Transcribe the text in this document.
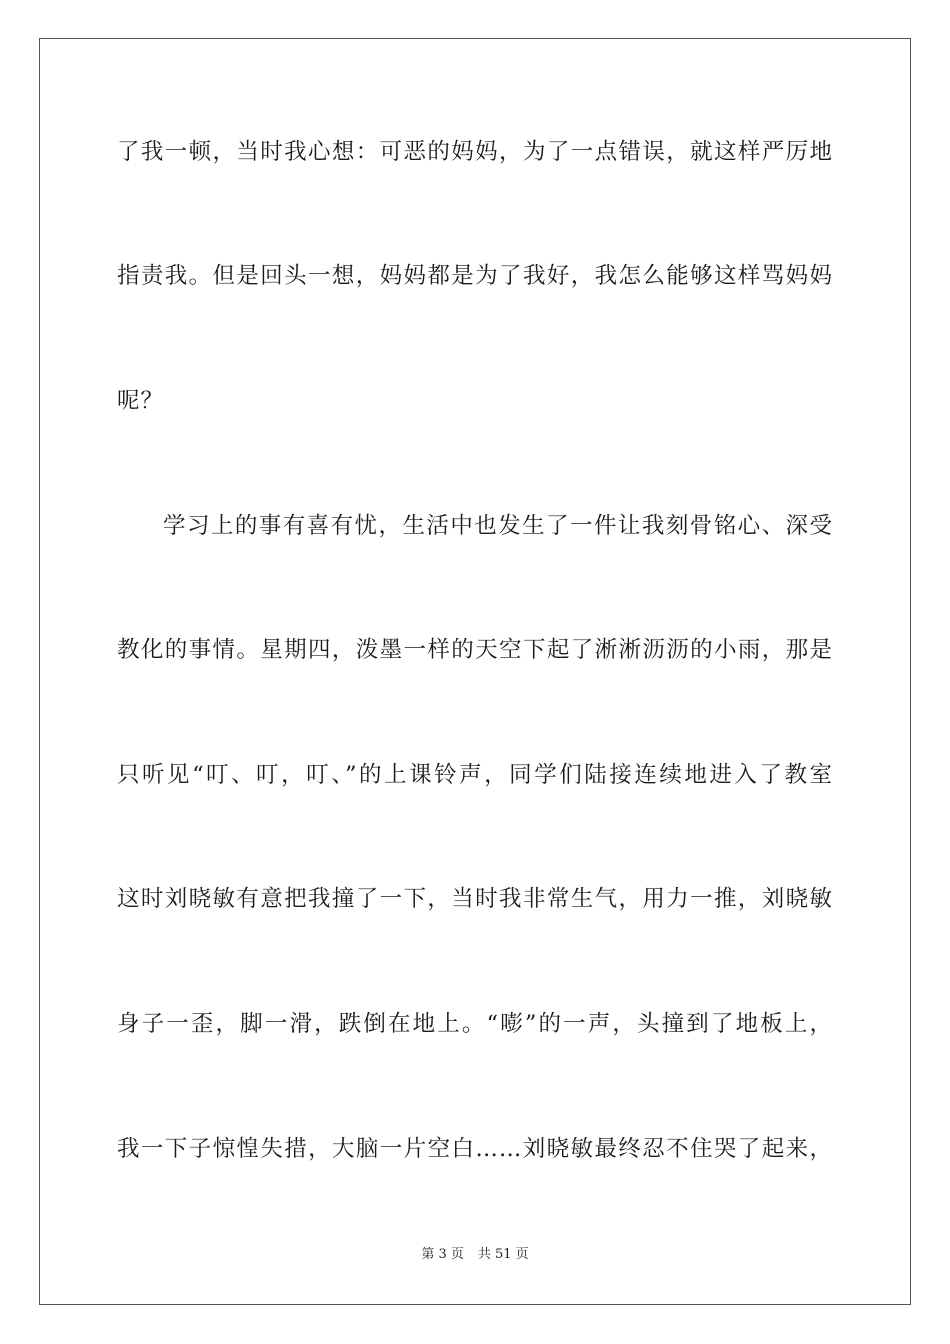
了我一顿，当时我心想：可恶的妈妈，为了一点错误，就这样严厉地
指责我。但是回头一想，妈妈都是为了我好，我怎么能够这样骂妈妈
呢？
学习上的事有喜有忧，生活中也发生了一件让我刻骨铭心、深受
教化的事情。星期四，泼墨一样的天空下起了淅淅沥沥的小雨，那是
只听见“叮、叮，叮、”的上课铃声，同学们陆接连续地进入了教室
这时刘晓敏有意把我撞了一下，当时我非常生气，用力一推，刘晓敏
身子一歪，脚一滑，跌倒在地上。“嘭”的一声，头撞到了地板上，
我一下子惊惶失措，大脑一片空白……刘晓敏最终忍不住哭了起来，
第 3 页 共 51 页
